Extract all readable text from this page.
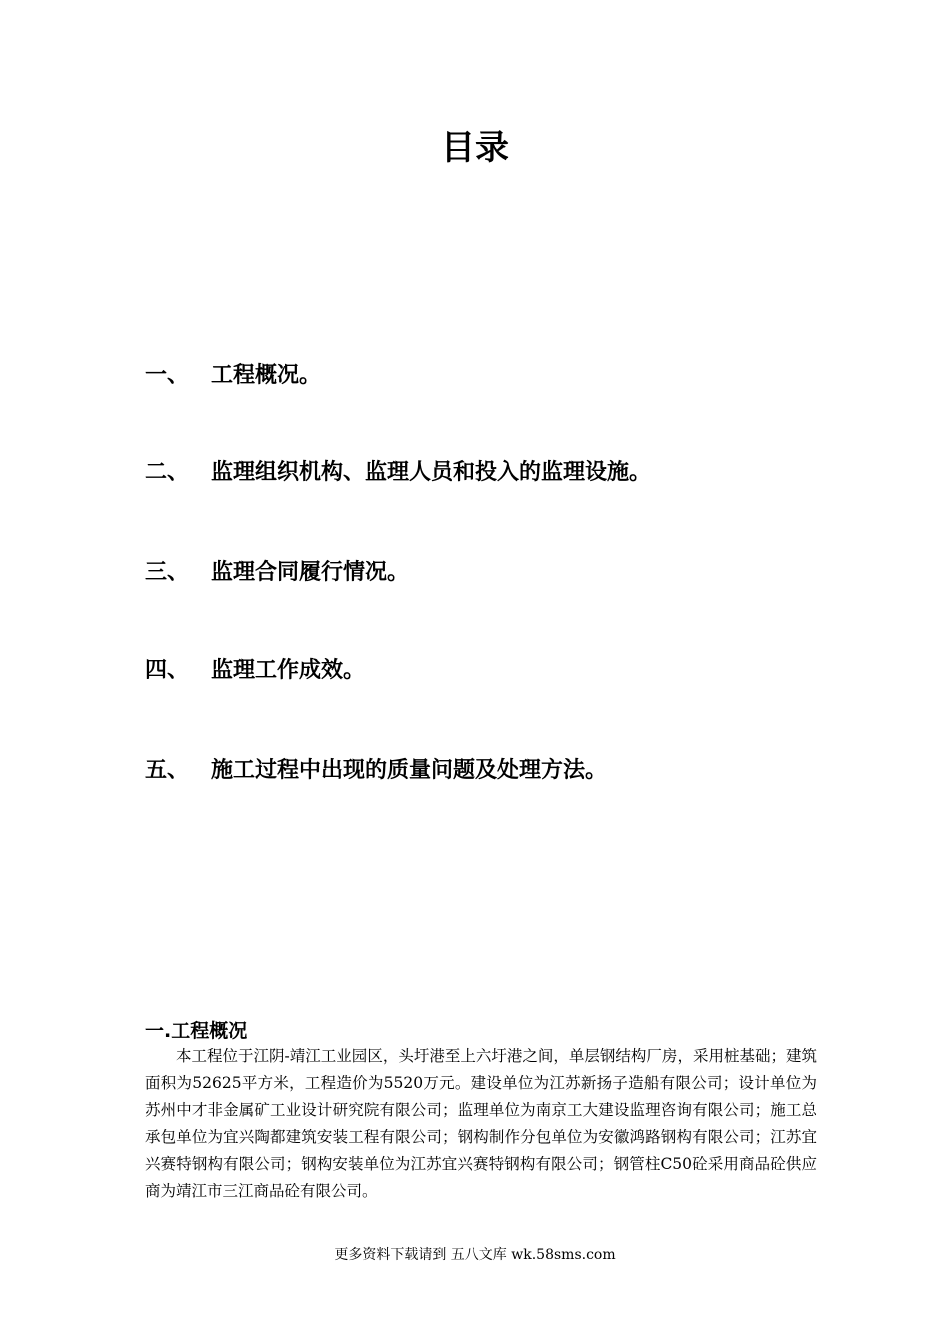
目录
一、 工程概况。
二、 监理组织机构、监理人员和投入的监理设施。
三、 监理合同履行情况。
四、 监理工作成效。
五、 施工过程中出现的质量问题及处理方法。
一.工程概况

本工程位于江阴-靖江工业园区，头圩港至上六圩港之间，单层钢结构厂房，采用桩基础；建筑面积为52625平方米，工程造价为5520万元。建设单位为江苏新扬子造船有限公司；设计单位为苏州中才非金属矿工业设计研究院有限公司；监理单位为南京工大建设监理咨询有限公司；施工总承包单位为宜兴陶都建筑安装工程有限公司；钢构制作分包单位为安徽鸿路钢构有限公司；江苏宜兴赛特钢构有限公司；钢构安装单位为江苏宜兴赛特钢构有限公司；钢管柱C50砼采用商品砼供应商为靖江市三江商品砼有限公司。

更多资料下载请到 五八文库 wk.58sms.com
